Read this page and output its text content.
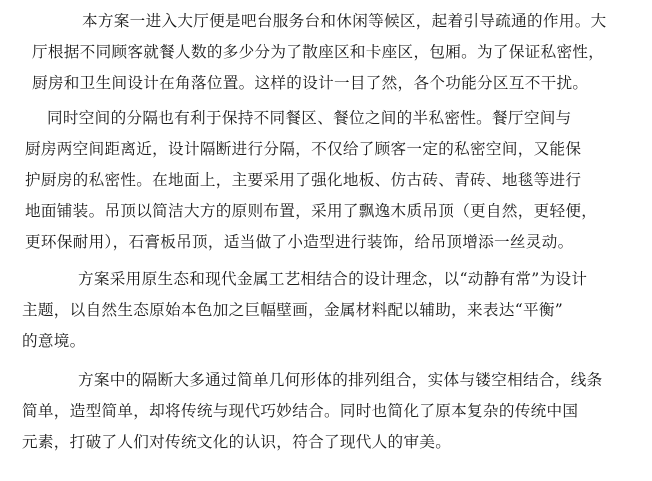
本方案一进入大厅便是吧台服务台和休闲等候区，起着引导疏通的作用。大
厅根据不同顾客就餐人数的多少分为了散座区和卡座区，包厢。为了保证私密性，
厨房和卫生间设计在角落位置。这样的设计一目了然，各个功能分区互不干扰。

同时空间的分隔也有利于保持不同餐区、餐位之间的半私密性。餐厅空间与
厨房两空间距离近，设计隔断进行分隔，不仅给了顾客一定的私密空间，又能保
护厨房的私密性。在地面上，主要采用了强化地板、仿古砖、青砖、地毯等进行
地面铺装。吊顶以简洁大方的原则布置，采用了飘逸木质吊顶（更自然，更轻便，
更环保耐用），石膏板吊顶，适当做了小造型进行装饰，给吊顶增添一丝灵动。

方案采用原生态和现代金属工艺相结合的设计理念，以“动静有常”为设计
主题，以自然生态原始本色加之巨幅壁画，金属材料配以辅助，来表达“平衡”
的意境。

方案中的隔断大多通过简单几何形体的排列组合，实体与镂空相结合，线条
简单，造型简单，却将传统与现代巧妙结合。同时也简化了原本复杂的传统中国
元素，打破了人们对传统文化的认识，符合了现代人的审美。
